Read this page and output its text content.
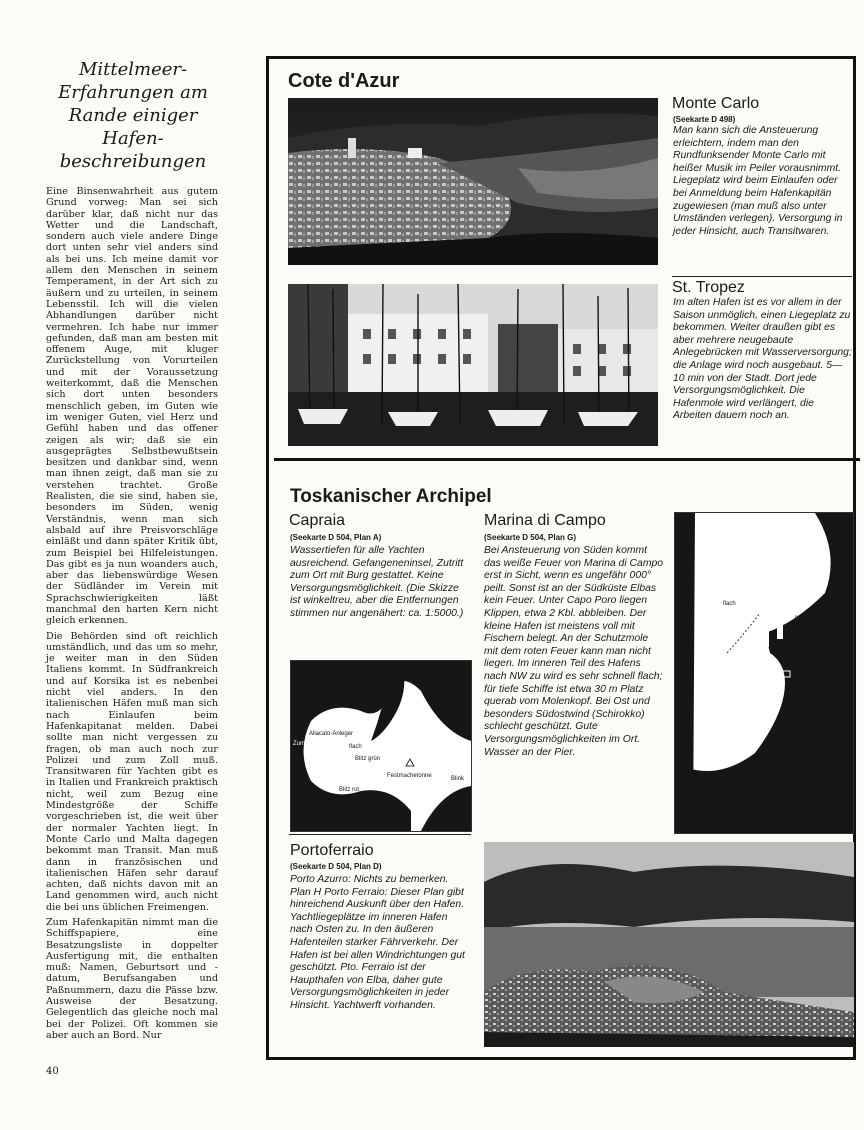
Mittelmeer-
Erfahrungen am
Rande einiger
Hafen-
beschreibungen

Eine Binsenwahrheit aus gutem Grund vorweg: Man sei sich darüber klar, daß nicht nur das Wetter und die Landschaft, sondern auch viele andere Dinge dort unten sehr viel anders sind als bei uns. Ich meine damit vor allem den Menschen in seinem Temperament, in der Art sich zu äußern und zu urteilen, in seinem Lebensstil. Ich will die vielen Abhandlungen darüber nicht vermehren. Ich habe nur immer gefunden, daß man am besten mit offenem Auge, mit kluger Zurückstellung von Vorurteilen und mit der Voraussetzung weiterkommt, daß die Menschen sich dort unten besonders menschlich geben, im Guten wie im weniger Guten, viel Herz und Gefühl haben und das offener zeigen als wir; daß sie ein ausgeprägtes Selbstbewußtsein besitzen und dankbar sind, wenn man ihnen zeigt, daß man sie zu verstehen trachtet. Große Realisten, die sie sind, haben sie, besonders im Süden, wenig Verständnis, wenn man sich alsbald auf ihre Preisvorschläge einläßt und dann später Kritik übt, zum Beispiel bei Hilfeleistungen. Das gibt es ja nun woanders auch, aber das liebenswürdige Wesen der Südländer im Verein mit Sprachschwierigkeiten läßt manchmal den harten Kern nicht gleich erkennen.

Die Behörden sind oft reichlich umständlich, und das um so mehr, je weiter man in den Süden Italiens kommt. In Südfrankreich und auf Korsika ist es nebenbei nicht viel anders. In den italienischen Häfen muß man sich nach Einlaufen beim Hafenkapitanat melden. Dabei sollte man nicht vergessen zu fragen, ob man auch noch zur Polizei und zum Zoll muß. Transitwaren für Yachten gibt es in Italien und Frankreich praktisch nicht, weil zum Bezug eine Mindestgröße der Schiffe vorgeschrieben ist, die weit über der normaler Yachten liegt. In Monte Carlo und Malta dagegen bekommt man Transit. Man muß dann in französischen und italienischen Häfen sehr darauf achten, daß nichts davon mit an Land genommen wird, auch nicht die bei uns üblichen Freimengen.

Zum Hafenkapitän nimmt man die Schiffspapiere, eine Besatzungsliste in doppelter Ausfertigung mit, die enthalten muß: Namen, Geburtsort und -datum, Berufsangaben und Paßnummern, dazu die Pässe bzw. Ausweise der Besatzung. Gelegentlich das gleiche noch mal bei der Polizei. Oft kommen sie aber auch an Bord. Nur

40
Cote d'Azur
Monte Carlo
(Seekarte D 498)
Man kann sich die Ansteuerung erleichtern, indem man den Rundfunksender Monte Carlo mit heißer Musik im Peiler vorausnimmt. Liegeplatz wird beim Einlaufen oder bei Anmeldung beim Hafenkapitän zugewiesen (man muß also unter Umständen verlegen). Versorgung in jeder Hinsicht, auch Transitwaren.
St. Tropez
Im alten Hafen ist es vor allem in der Saison unmöglich, einen Liegeplatz zu bekommen. Weiter draußen gibt es aber mehrere neugebaute Anlegebrücken mit Wasserversorgung; die Anlage wird noch ausgebaut. 5—10 min von der Stadt. Dort jede Versorgungsmöglichkeit. Die Hafenmole wird verlängert, die Arbeiten dauern noch an.
Toskanischer Archipel
Capraia
(Seekarte D 504, Plan A)
Wassertiefen für alle Yachten ausreichend. Gefangeneninsel, Zutritt zum Ort mit Burg gestattet. Keine Versorgungsmöglichkeit. (Die Skizze ist winkeltreu, aber die Entfernungen stimmen nur angenähert: ca. 1:5000.)
Allacato-Anleger
Zum Ort	flach
Blitz grün
Festmachetonne
Blitz rot
Blink
Marina di Campo
(Seekarte D 504, Plan G)
Bei Ansteuerung von Süden kommt das weiße Feuer von Marina di Campo erst in Sicht, wenn es ungefähr 000° peilt. Sonst ist an der Südküste Elbas kein Feuer. Unter Capo Poro liegen Klippen, etwa 2 Kbl. abbleiben. Der kleine Hafen ist meistens voll mit Fischern belegt. An der Schutzmole mit dem roten Feuer kann man nicht liegen. Im inneren Teil des Hafens nach NW zu wird es sehr schnell flach; für tiefe Schiffe ist etwa 30 m Platz querab vom Molenkopf. Bei Ost und besonders Südostwind (Schirokko) schlecht geschützt. Gute Versorgungsmöglichkeiten im Ort. Wasser an der Pier.
flach
rotes Festfeuer
Leuchtturm
N
Portoferraio
(Seekarte D 504, Plan D)
Porto Azurro: Nichts zu bemerken. Plan H Porto Ferraio: Dieser Plan gibt hinreichend Auskunft über den Hafen. Yachtliegeplätze im inneren Hafen nach Osten zu. In den äußeren Hafenteilen starker Fährverkehr. Der Hafen ist bei allen Windrichtungen gut geschützt. Pto. Ferraio ist der Haupthafen von Elba, daher gute Versorgungsmöglichkeiten in jeder Hinsicht. Yachtwerft vorhanden.
